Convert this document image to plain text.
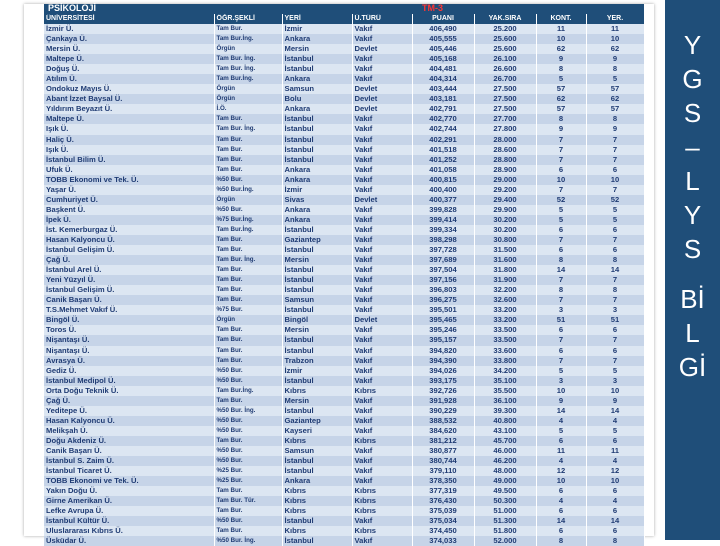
PSİKOLOJİ	TM-3
ÜNİVERSİTESİ	ÖĞR.ŞEKLİ	YERİ	Ü.TÜRÜ	PUANI	YAK.SIRA	KONT.	YER.
İzmir Ü.	Tam Bur.	İzmir	Vakıf	406,490	25.200	11	11
Çankaya Ü.	Tam Bur.İng.	Ankara	Vakıf	405,555	25.600	10	10
Mersin Ü.	Örgün	Mersin	Devlet	405,446	25.600	62	62
Maltepe Ü.	Tam Bur. İng.	İstanbul	Vakıf	405,168	26.100	9	9
Doğuş Ü.	Tam Bur. İng.	İstanbul	Vakıf	404,481	26.600	8	8
Atılım Ü.	Tam Bur.İng.	Ankara	Vakıf	404,314	26.700	5	5
Ondokuz Mayıs Ü.	Örgün	Samsun	Devlet	403,444	27.500	57	57
Abant İzzet Baysal Ü.	Örgün	Bolu	Devlet	403,181	27.500	62	62
Yıldırım Beyazıt Ü.	İ.Ö.	Ankara	Devlet	402,791	27.500	57	57
Maltepe Ü.	Tam Bur.	İstanbul	Vakıf	402,770	27.700	8	8
Işık Ü.	Tam Bur. İng.	İstanbul	Vakıf	402,744	27.800	9	9
Haliç Ü.	Tam Bur.	İstanbul	Vakıf	402,291	28.000	7	7
Işık Ü.	Tam Bur.	İstanbul	Vakıf	401,518	28.600	7	7
İstanbul Bilim Ü.	Tam Bur.	İstanbul	Vakıf	401,252	28.800	7	7
Ufuk Ü.	Tam Bur.	Ankara	Vakıf	401,058	28.900	6	6
TOBB Ekonomi ve Tek. Ü.	%50 Bur.	Ankara	Vakıf	400,815	29.000	10	10
Yaşar Ü.	%50 Bur.İng.	İzmir	Vakıf	400,400	29.200	7	7
Cumhuriyet Ü.	Örgün	Sivas	Devlet	400,377	29.400	52	52
Başkent Ü.	%50 Bur.	Ankara	Vakıf	399,828	29.900	5	5
İpek Ü.	%75 Bur.İng.	Ankara	Vakıf	399,414	30.200	5	5
İst. Kemerburgaz Ü.	Tam Bur.İng.	İstanbul	Vakıf	399,334	30.200	6	6
Hasan Kalyoncu Ü.	Tam Bur.	Gaziantep	Vakıf	398,298	30.800	7	7
İstanbul Gelişim Ü.	Tam Bur.	İstanbul	Vakıf	397,728	31.500	6	6
Çağ Ü.	Tam Bur. İng.	Mersin	Vakıf	397,689	31.600	8	8
İstanbul Arel Ü.	Tam Bur.	İstanbul	Vakıf	397,504	31.800	14	14
Yeni Yüzyıl Ü.	Tam Bur.	İstanbul	Vakıf	397,156	31.900	7	7
İstanbul Gelişim Ü.	Tam Bur.	İstanbul	Vakıf	396,803	32.200	8	8
Canik Başarı Ü.	Tam Bur.	Samsun	Vakıf	396,275	32.600	7	7
T.S.Mehmet Vakıf Ü.	%75 Bur.	İstanbul	Vakıf	395,501	33.200	3	3
Bingöl Ü.	Örgün	Bingöl	Devlet	395,465	33.200	51	51
Toros Ü.	Tam Bur.	Mersin	Vakıf	395,246	33.500	6	6
Nişantaşı Ü.	Tam Bur.	İstanbul	Vakıf	395,157	33.500	7	7
Nişantaşı Ü.	Tam Bur.	İstanbul	Vakıf	394,820	33.600	6	6
Avrasya Ü.	Tam Bur.	Trabzon	Vakıf	394,390	33.800	7	7
Gediz Ü.	%50 Bur.	İzmir	Vakıf	394,026	34.200	5	5
İstanbul Medipol Ü.	%50 Bur.	İstanbul	Vakıf	393,175	35.100	3	3
Orta Doğu Teknik Ü.	Tam Bur.İng.	Kıbrıs	Kıbrıs	392,726	35.500	10	10
Çağ Ü.	Tam Bur.	Mersin	Vakıf	391,928	36.100	9	9
Yeditepe Ü.	%50 Bur. İng.	İstanbul	Vakıf	390,229	39.300	14	14
Hasan Kalyoncu Ü.	%50 Bur.	Gaziantep	Vakıf	388,532	40.800	4	4
Melikşah Ü.	%50 Bur.	Kayseri	Vakıf	384,620	43.100	5	5
Doğu Akdeniz Ü.	Tam Bur.	Kıbrıs	Kıbrıs	381,212	45.700	6	6
Canik Başarı Ü.	%50 Bur.	Samsun	Vakıf	380,877	46.000	11	11
İstanbul S. Zaim Ü.	%50 Bur.	İstanbul	Vakıf	380,744	46.200	4	4
İstanbul Ticaret Ü.	%25 Bur.	İstanbul	Vakıf	379,110	48.000	12	12
TOBB Ekonomi ve Tek. Ü.	%25 Bur.	Ankara	Vakıf	378,350	49.000	10	10
Yakın Doğu Ü.	Tam Bur.	Kıbrıs	Kıbrıs	377,319	49.500	6	6
Girne Amerikan Ü.	Tam Bur. Tür.	Kıbrıs	Kıbrıs	376,430	50.300	4	4
Lefke Avrupa Ü.	Tam Bur.	Kıbrıs	Kıbrıs	375,039	51.000	6	6
İstanbul Kültür Ü.	%50 Bur.	İstanbul	Vakıf	375,034	51.300	14	14
Uluslararası Kıbrıs Ü.	Tam Bur.	Kıbrıs	Kıbrıs	374,450	51.800	6	6
Üsküdar Ü.	%50 Bur. İng.	İstanbul	Vakıf	374,033	52.000	8	8
Y
G
S
–
L
Y
S
Bİ
L
Gİ
